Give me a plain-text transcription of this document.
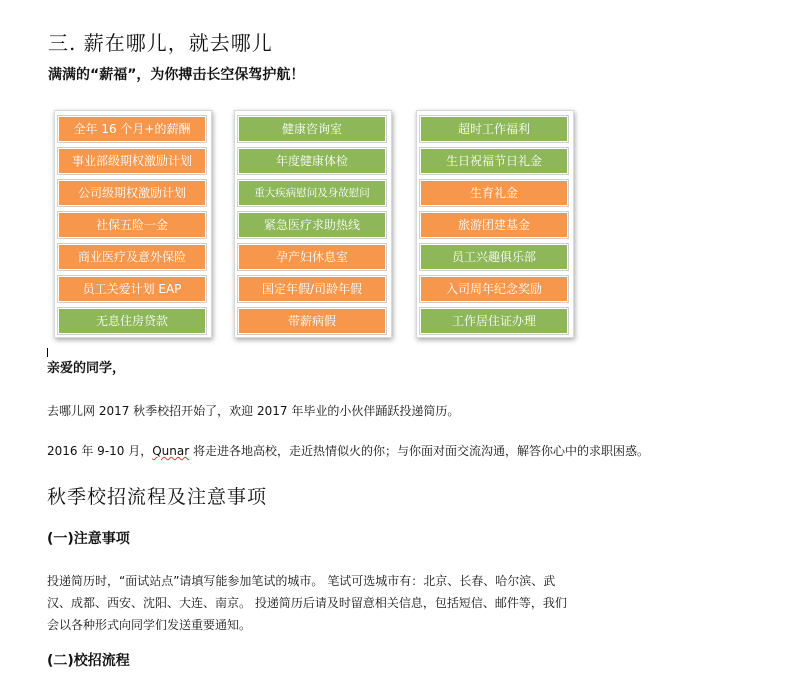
三. 薪在哪儿，就去哪儿
满满的“薪福”，为你搏击长空保驾护航！
全年 16 个月+的薪酬
事业部级期权激励计划
公司级期权激励计划
社保五险一金
商业医疗及意外保险
员工关爱计划 EAP
无息住房贷款
健康咨询室
年度健康体检
重大疾病慰问及身故慰问
紧急医疗求助热线
孕产妇休息室
国定年假/司龄年假
带薪病假
超时工作福利
生日祝福节日礼金
生育礼金
旅游团建基金
员工兴趣俱乐部
入司周年纪念奖励
工作居住证办理
亲爱的同学，
去哪儿网 2017 秋季校招开始了，欢迎 2017 年毕业的小伙伴踊跃投递简历。
2016 年 9-10 月，Qunar 将走进各地高校，走近热情似火的你；与你面对面交流沟通，解答你心中的求职困惑。
秋季校招流程及注意事项
(一)注意事项
投递简历时，“面试站点”请填写能参加笔试的城市。 笔试可选城市有：北京、长春、哈尔滨、武
汉、成都、西安、沈阳、大连、南京。 投递简历后请及时留意相关信息，包括短信、邮件等，我们
会以各种形式向同学们发送重要通知。
(二)校招流程
